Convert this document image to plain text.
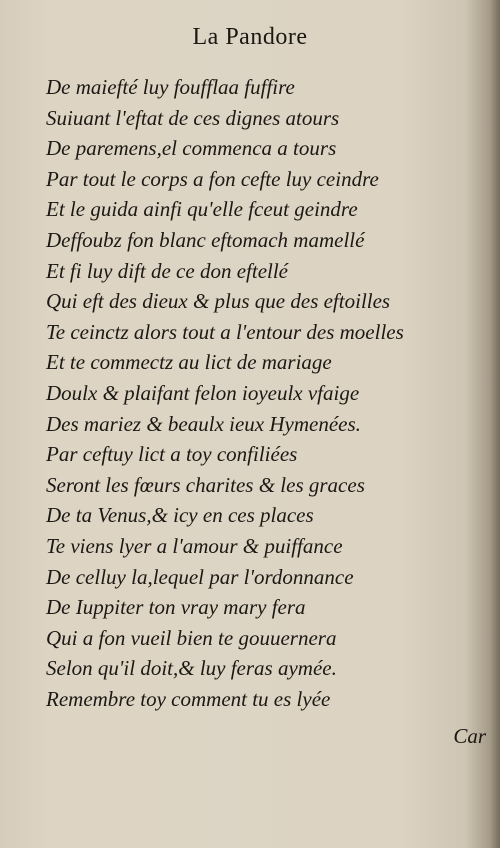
La Pandore
De maiefté luy foufflaa fuffire
Suiuant l'eftat de ces dignes atours
De paremens,el commenca a tours
Par tout le corps a fon cefte luy ceindre
Et le guida ainfi qu'elle fceut geindre
Deffoubz fon blanc eftomach mamellé
Et fi luy dift de ce don eftellé
Qui eft des dieux & plus que des eftoilles
Te ceinctz alors tout a l'entour des moelles
Et te commectz au lict de mariage
Doulx & plaifant felon ioyeulx vfaige
Des mariez & beaulx ieux Hymenées.
Par ceftuy lict a toy confiliées
Seront les fœurs charites & les graces
De ta Venus,& icy en ces places
Te viens lyer a l'amour & puiffance
De celluy la,lequel par l'ordonnance
De Iuppiter ton vray mary fera
Qui a fon vueil bien te gouuernera
Selon qu'il doit,& luy feras aymée.
Remembre toy comment tu es lyée
Car
